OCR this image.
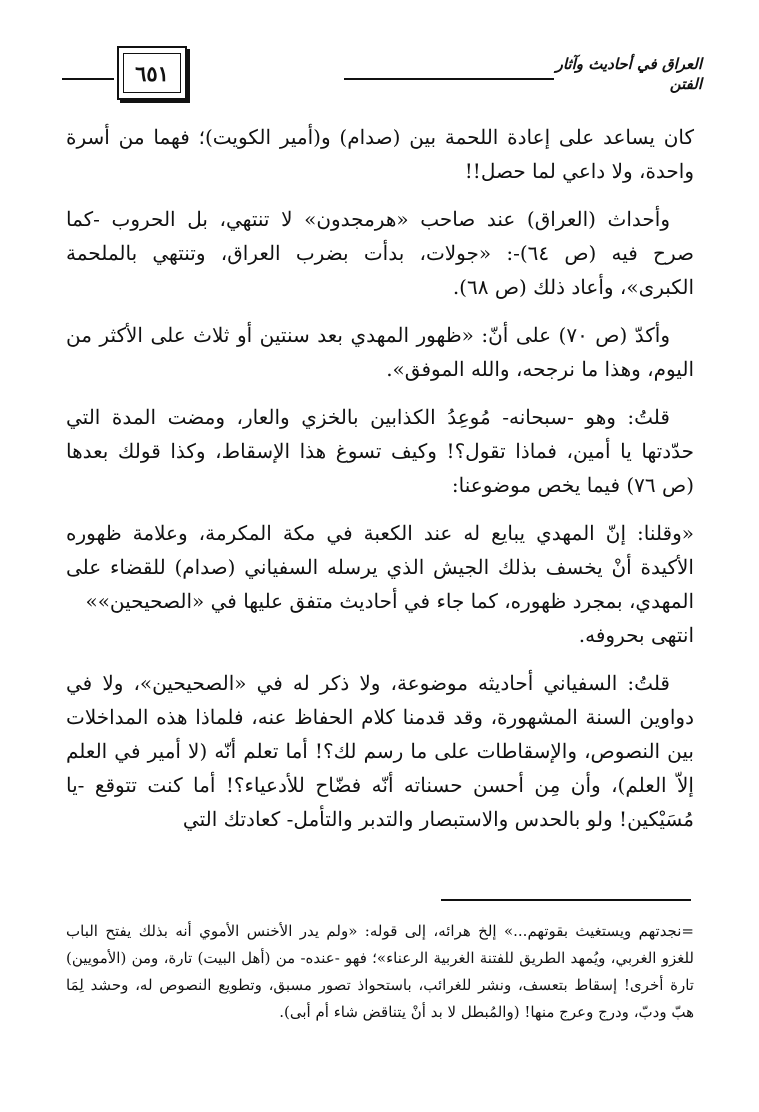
العراق في أحاديث وآثار الفتن
٦٥١

كان يساعد على إعادة اللحمة بين (صدام) و(أمير الكويت)؛ فهما من أسرة واحدة، ولا داعي لما حصل!!

وأحداث (العراق) عند صاحب «هرمجدون» لا تنتهي، بل الحروب -كما صرح فيه (ص ٦٤)-: «جولات، بدأت بضرب العراق، وتنتهي بالملحمة الكبرى»، وأعاد ذلك (ص ٦٨).

وأكدّ (ص ٧٠) على أنّ: «ظهور المهدي بعد سنتين أو ثلاث على الأكثر من اليوم، وهذا ما نرجحه، والله الموفق».

قلتُ: وهو -سبحانه- مُوعِدُ الكذابين بالخزي والعار، ومضت المدة التي حدّدتها يا أمين، فماذا تقول؟! وكيف تسوغ هذا الإسقاط، وكذا قولك بعدها (ص ٧٦) فيما يخص موضوعنا:

«وقلنا: إنّ المهدي يبايع له عند الكعبة في مكة المكرمة، وعلامة ظهوره الأكيدة أنْ يخسف بذلك الجيش الذي يرسله السفياني (صدام) للقضاء على المهدي، بمجرد ظهوره، كما جاء في أحاديث متفق عليها في «الصحيحين»»

انتهى بحروفه.

قلتُ: السفياني أحاديثه موضوعة، ولا ذكر له في «الصحيحين»، ولا في دواوين السنة المشهورة، وقد قدمنا كلام الحفاظ عنه، فلماذا هذه المداخلات بين النصوص، والإسقاطات على ما رسم لك؟! أما تعلم أنّه (لا أمير في العلم إلاّ العلم)، وأن مِن أحسن حسناته أنّه فضّاح للأدعياء؟! أما كنت تتوقع -يا مُسَيْكين! ولو بالحدس والاستبصار والتدبر والتأمل- كعادتك التي

=نجدتهم ويستغيث بقوتهم...» إلخ هرائه، إلى قوله: «ولم يدر الأخنس الأموي أنه بذلك يفتح الباب للغزو الغربي، ويُمهد الطريق للفتنة الغربية الرعناء»؛ فهو -عنده- من (أهل البيت) تارة، ومن (الأمويين) تارة أخرى! إسقاط بتعسف، ونشر للغرائب، باستحواذ تصور مسبق، وتطويع النصوص له، وحشد لِمَا هبّ ودبّ، ودرج وعرج منها! (والمُبطل لا بد أنْ يتناقض شاء أم أبى).
